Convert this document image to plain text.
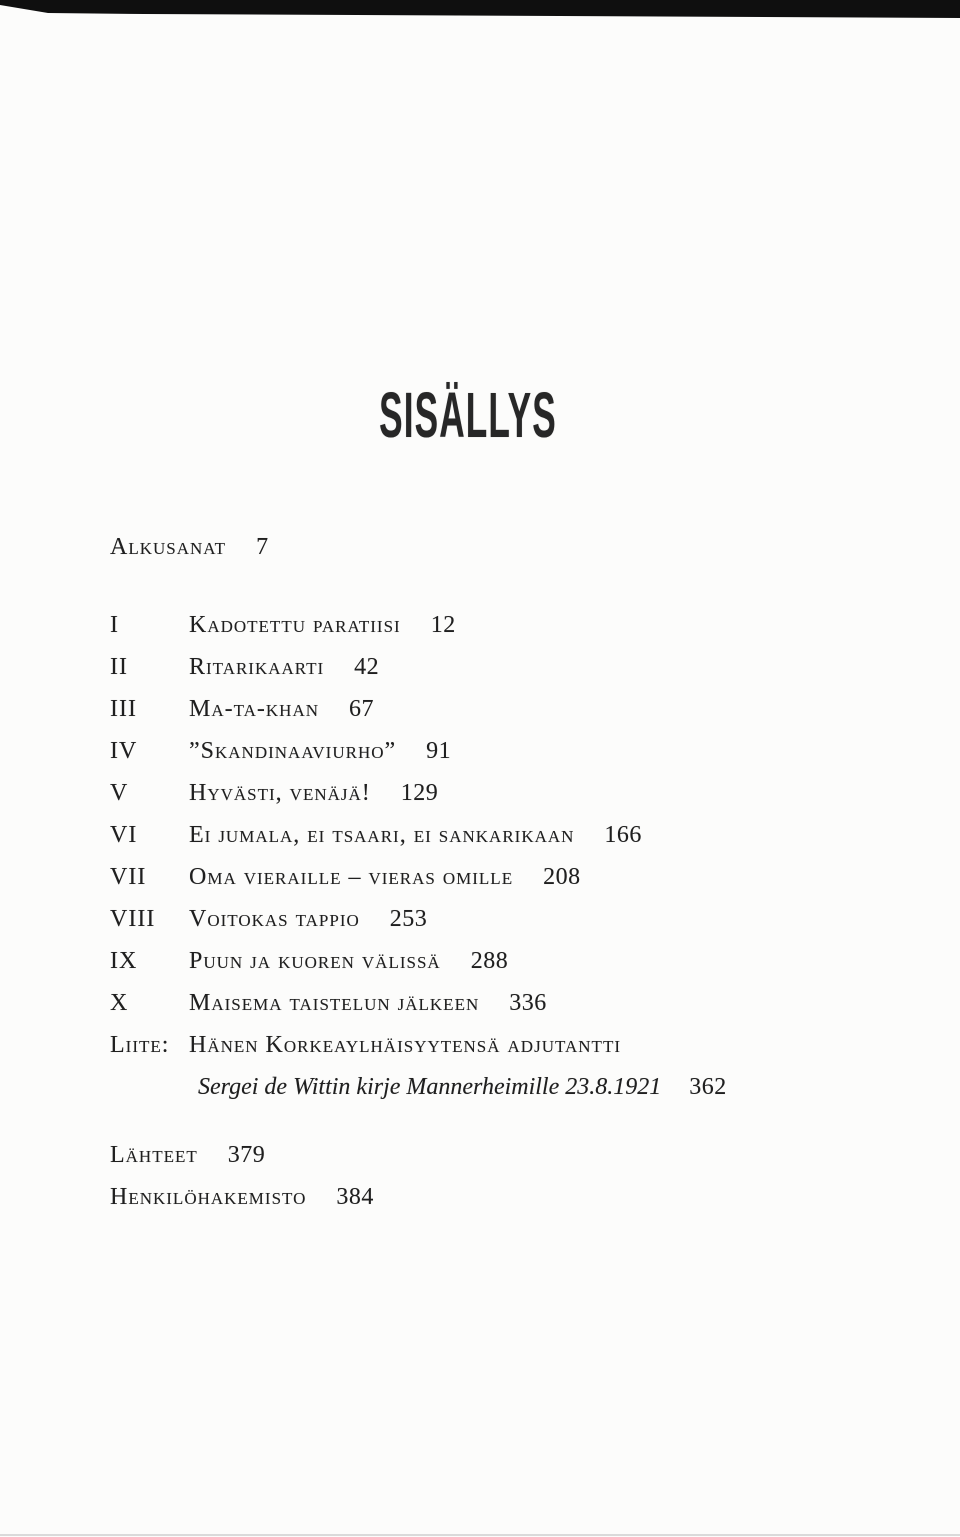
SISÄLLYS
Alkusanat 7
I	Kadotettu paratiisi 12
II	Ritarikaarti 42
III	Ma-ta-khan 67
IV	”Skandinaaviurho” 91
V	Hyvästi, venäjä! 129
VI	Ei jumala, ei tsaari, ei sankarikaan 166
VII	Oma vieraille – vieras omille 208
VIII	Voitokas tappio 253
IX	Puun ja kuoren välissä 288
X	Maisema taistelun jälkeen 336
Liite: Hänen Korkeaylhäisyytensä adjutantti
Sergei de Wittin kirje Mannerheimille 23.8.1921 362
Lähteet 379
Henkilöhakemisto 384
